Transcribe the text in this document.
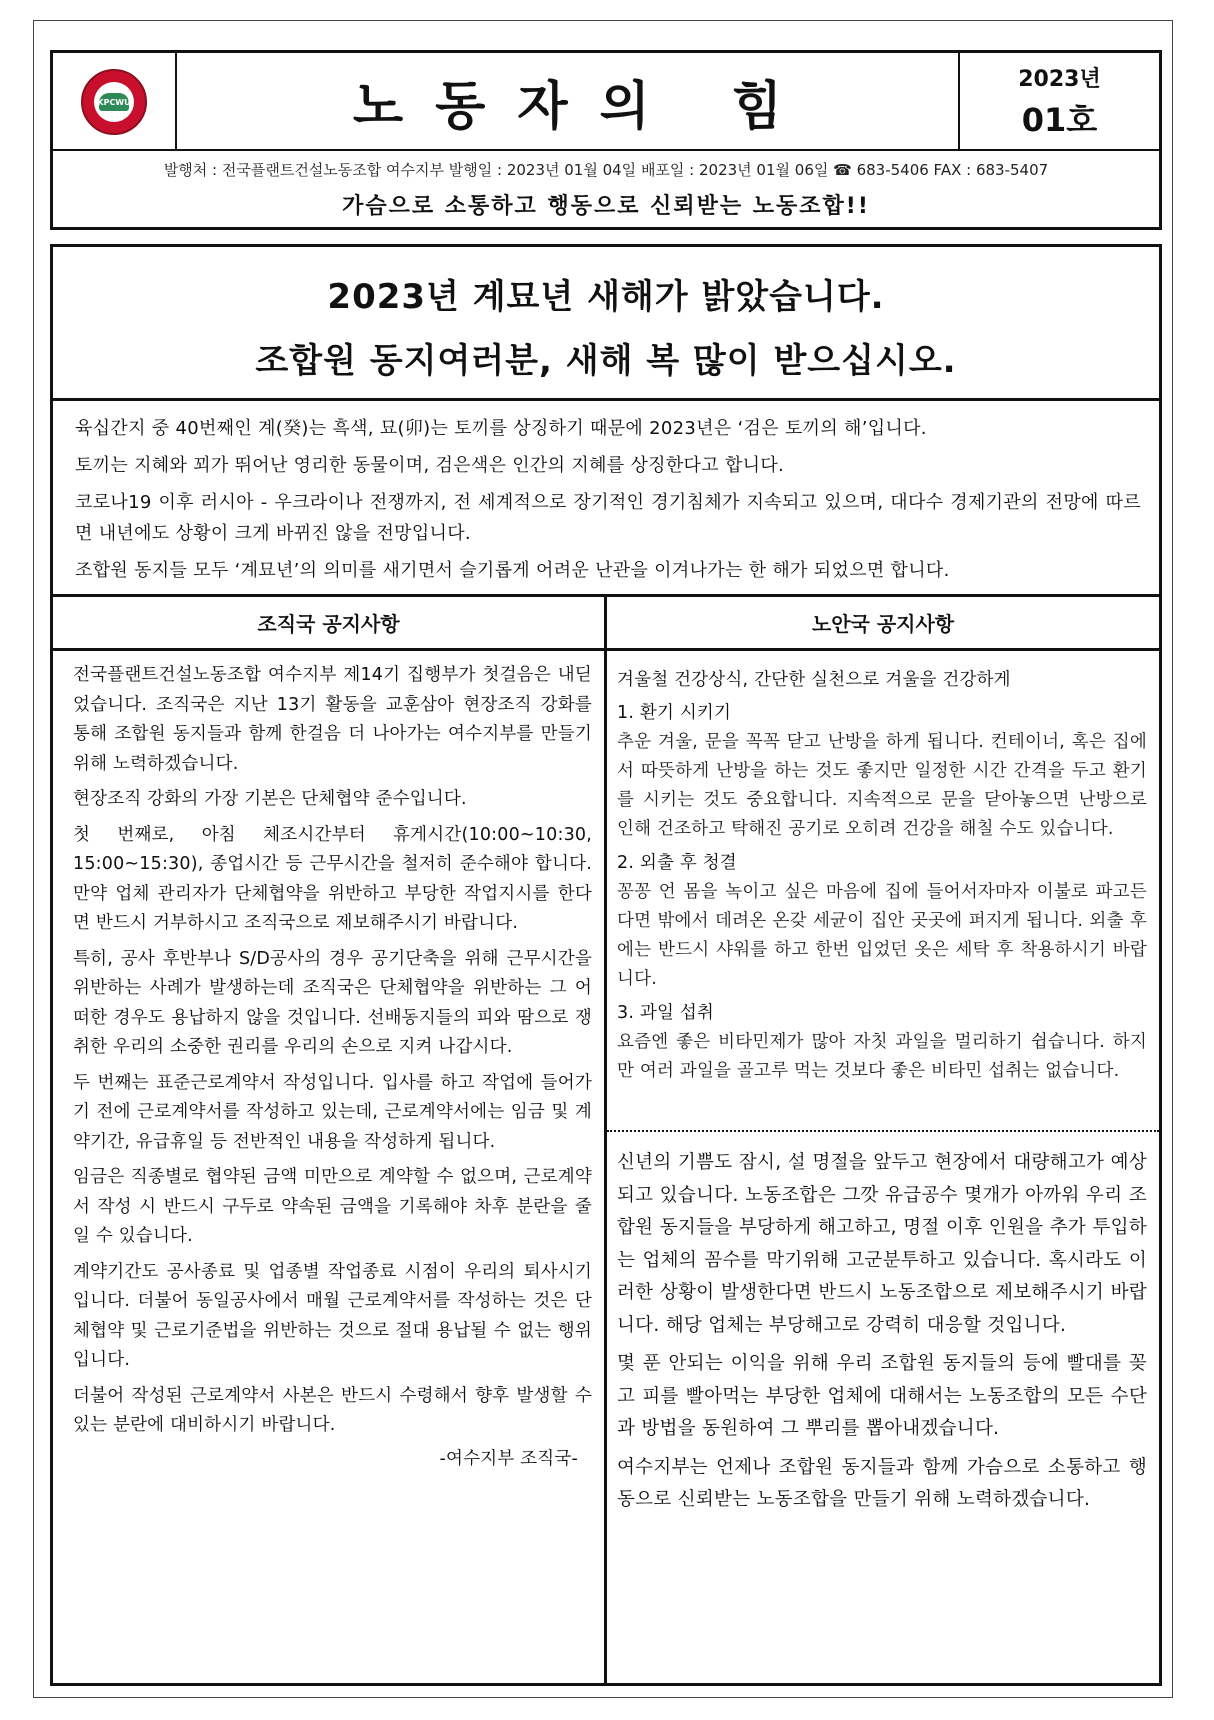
KPCWU	노동자의 힘	2023년
01호
발행처 : 전국플랜트건설노동조합 여수지부 발행일 : 2023년 01월 04일 배포일 : 2023년 01월 06일 ☎ 683-5406 FAX : 683-5407
가슴으로 소통하고 행동으로 신뢰받는 노동조합!!
2023년 계묘년 새해가 밝았습니다.
조합원 동지여러분, 새해 복 많이 받으십시오.

육십간지 중 40번째인 계(癸)는 흑색, 묘(卯)는 토끼를 상징하기 때문에 2023년은 ‘검은 토끼의 해’입니다.

토끼는 지혜와 꾀가 뛰어난 영리한 동물이며, 검은색은 인간의 지혜를 상징한다고 합니다.

코로나19 이후 러시아 - 우크라이나 전쟁까지, 전 세계적으로 장기적인 경기침체가 지속되고 있으며, 대다수 경제기관의 전망에 따르면 내년에도 상황이 크게 바뀌진 않을 전망입니다.

조합원 동지들 모두 ‘계묘년’의 의미를 새기면서 슬기롭게 어려운 난관을 이겨나가는 한 해가 되었으면 합니다.

조직국 공지사항

전국플랜트건설노동조합 여수지부 제14기 집행부가 첫걸음은 내딛었습니다. 조직국은 지난 13기 활동을 교훈삼아 현장조직 강화를 통해 조합원 동지들과 함께 한걸음 더 나아가는 여수지부를 만들기 위해 노력하겠습니다.

현장조직 강화의 가장 기본은 단체협약 준수입니다.

첫 번째로, 아침 체조시간부터 휴게시간(10:00~10:30, 15:00~15:30), 종업시간 등 근무시간을 철저히 준수해야 합니다. 만약 업체 관리자가 단체협약을 위반하고 부당한 작업지시를 한다면 반드시 거부하시고 조직국으로 제보해주시기 바랍니다.

특히, 공사 후반부나 S/D공사의 경우 공기단축을 위해 근무시간을 위반하는 사례가 발생하는데 조직국은 단체협약을 위반하는 그 어떠한 경우도 용납하지 않을 것입니다. 선배동지들의 피와 땀으로 쟁취한 우리의 소중한 권리를 우리의 손으로 지켜 나갑시다.

두 번째는 표준근로계약서 작성입니다. 입사를 하고 작업에 들어가기 전에 근로계약서를 작성하고 있는데, 근로계약서에는 임금 및 계약기간, 유급휴일 등 전반적인 내용을 작성하게 됩니다.

임금은 직종별로 협약된 금액 미만으로 계약할 수 없으며, 근로계약서 작성 시 반드시 구두로 약속된 금액을 기록해야 차후 분란을 줄일 수 있습니다.

계약기간도 공사종료 및 업종별 작업종료 시점이 우리의 퇴사시기입니다. 더불어 동일공사에서 매월 근로계약서를 작성하는 것은 단체협약 및 근로기준법을 위반하는 것으로 절대 용납될 수 없는 행위입니다.

더불어 작성된 근로계약서 사본은 반드시 수령해서 향후 발생할 수 있는 분란에 대비하시기 바랍니다.

-여수지부 조직국-

노안국 공지사항

겨울철 건강상식, 간단한 실천으로 겨울을 건강하게

1. 환기 시키기

추운 겨울, 문을 꼭꼭 닫고 난방을 하게 됩니다. 컨테이너, 혹은 집에서 따뜻하게 난방을 하는 것도 좋지만 일정한 시간 간격을 두고 환기를 시키는 것도 중요합니다. 지속적으로 문을 닫아놓으면 난방으로 인해 건조하고 탁해진 공기로 오히려 건강을 해칠 수도 있습니다.

2. 외출 후 청결

꽁꽁 언 몸을 녹이고 싶은 마음에 집에 들어서자마자 이불로 파고든다면 밖에서 데려온 온갖 세균이 집안 곳곳에 퍼지게 됩니다. 외출 후에는 반드시 샤워를 하고 한번 입었던 옷은 세탁 후 착용하시기 바랍니다.

3. 과일 섭취

요즘엔 좋은 비타민제가 많아 자칫 과일을 멀리하기 쉽습니다. 하지만 여러 과일을 골고루 먹는 것보다 좋은 비타민 섭취는 없습니다.

신년의 기쁨도 잠시, 설 명절을 앞두고 현장에서 대량해고가 예상되고 있습니다. 노동조합은 그깟 유급공수 몇개가 아까워 우리 조합원 동지들을 부당하게 해고하고, 명절 이후 인원을 추가 투입하는 업체의 꼼수를 막기위해 고군분투하고 있습니다. 혹시라도 이러한 상황이 발생한다면 반드시 노동조합으로 제보해주시기 바랍니다. 해당 업체는 부당해고로 강력히 대응할 것입니다.

몇 푼 안되는 이익을 위해 우리 조합원 동지들의 등에 빨대를 꽂고 피를 빨아먹는 부당한 업체에 대해서는 노동조합의 모든 수단과 방법을 동원하여 그 뿌리를 뽑아내겠습니다.

여수지부는 언제나 조합원 동지들과 함께 가슴으로 소통하고 행동으로 신뢰받는 노동조합을 만들기 위해 노력하겠습니다.
